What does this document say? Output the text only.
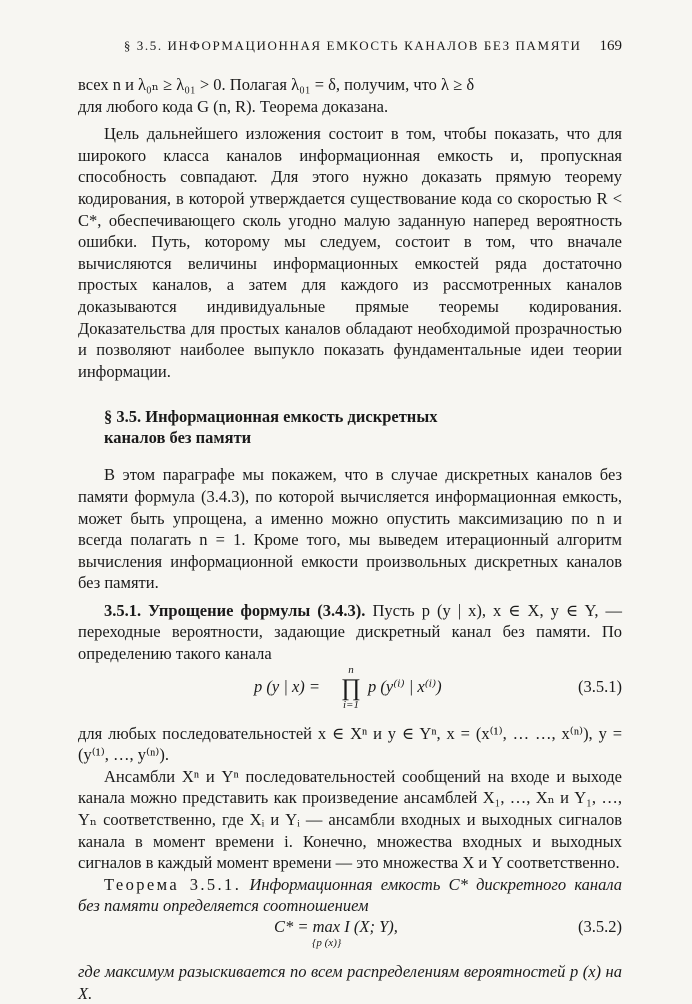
§ 3.5. ИНФОРМАЦИОННАЯ ЕМКОСТЬ КАНАЛОВ БЕЗ ПАМЯТИ 169

всех n и λ₀ₙ ≥ λ₀₁ > 0. Полагая λ₀₁ = δ, получим, что λ ≥ δ

для любого кода G (n, R). Теорема доказана.

Цель дальнейшего изложения состоит в том, чтобы показать, что для широкого класса каналов информационная емкость и, пропускная способность совпадают. Для этого нужно доказать прямую теорему кодирования, в которой утверждается существование кода со скоростью R < C*, обеспечивающего сколь угодно малую заданную наперед вероятность ошибки. Путь, которому мы следуем, состоит в том, что вначале вычисляются величины информационных емкостей ряда достаточно простых каналов, а затем для каждого из рассмотренных каналов доказываются индивидуальные прямые теоремы кодирования. Доказательства для простых каналов обладают необходимой прозрачностью и позволяют наиболее выпукло показать фундаментальные идеи теории информации.

§ 3.5. Информационная емкость дискретных
каналов без памяти

В этом параграфе мы покажем, что в случае дискретных каналов без памяти формула (3.4.3), по которой вычисляется информационная емкость, может быть упрощена, а именно можно опустить максимизацию по n и всегда полагать n = 1. Кроме того, мы выведем итерационный алгоритм вычисления информационной емкости произвольных дискретных каналов без памяти.

3.5.1. Упрощение формулы (3.4.3). Пусть p (y | x), x ∈ X, y ∈ Y, — переходные вероятности, задающие дискретный канал без памяти. По определению такого канала

p (y | x) =
n
∏
i=1
p (y⁽ⁱ⁾ | x⁽ⁱ⁾)	(3.5.1)

для любых последовательностей x ∈ Xⁿ и y ∈ Yⁿ, x = (x⁽¹⁾, … …, x⁽ⁿ⁾), y = (y⁽¹⁾, …, y⁽ⁿ⁾).

Ансамбли Xⁿ и Yⁿ последовательностей сообщений на входе и выходе канала можно представить как произведение ансамблей X₁, …, Xₙ и Y₁, …, Yₙ соответственно, где Xᵢ и Yᵢ — ансамбли входных и выходных сигналов канала в момент времени i. Конечно, множества входных и выходных сигналов в каждый момент времени — это множества X и Y соответственно.

Теорема 3.5.1. Информационная емкость C* дискретного канала без памяти определяется соотношением

C* = max I (X; Y),
{p (x)}
(3.5.2)

где максимум разыскивается по всем распределениям вероятностей p (x) на X.
